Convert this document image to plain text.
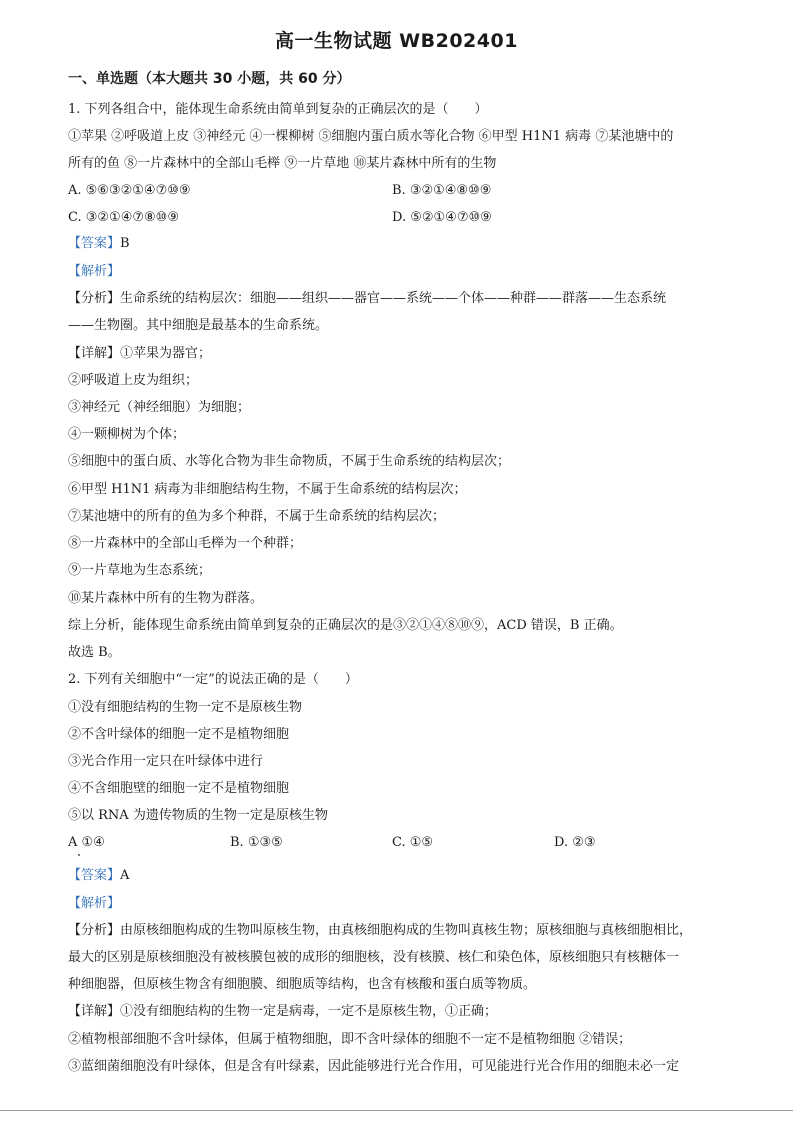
高一生物试题 WB202401
一、单选题（本大题共 30 小题，共 60 分）
1. 下列各组合中，能体现生命系统由简单到复杂的正确层次的是（　　）
①苹果 ②呼吸道上皮 ③神经元 ④一棵柳树 ⑤细胞内蛋白质水等化合物 ⑥甲型 H1N1 病毒 ⑦某池塘中的
所有的鱼 ⑧一片森林中的全部山毛榉 ⑨一片草地 ⑩某片森林中所有的生物
A. ⑤⑥③②①④⑦⑩⑨	B. ③②①④⑧⑩⑨
C. ③②①④⑦⑧⑩⑨	D. ⑤②①④⑦⑩⑨
【答案】B
【解析】
【分析】生命系统的结构层次：细胞——组织——器官——系统——个体——种群——群落——生态系统
——生物圈。其中细胞是最基本的生命系统。
【详解】①苹果为器官；
②呼吸道上皮为组织；
③神经元（神经细胞）为细胞；
④一颗柳树为个体；
⑤细胞中的蛋白质、水等化合物为非生命物质，不属于生命系统的结构层次；
⑥甲型 H1N1 病毒为非细胞结构生物，不属于生命系统的结构层次；
⑦某池塘中的所有的鱼为多个种群，不属于生命系统的结构层次；
⑧一片森林中的全部山毛榉为一个种群；
⑨一片草地为生态系统；
⑩某片森林中所有的生物为群落。
综上分析，能体现生命系统由简单到复杂的正确层次的是③②①④⑧⑩⑨，ACD 错误，B 正确。
故选 B。
2. 下列有关细胞中“一定”的说法正确的是（　　）
①没有细胞结构的生物一定不是原核生物
②不含叶绿体的细胞一定不是植物细胞
③光合作用一定只在叶绿体中进行
④不含细胞壁的细胞一定不是植物细胞
⑤以 RNA 为遗传物质的生物一定是原核生物
A ①④	B. ①③⑤	C. ①⑤	D. ②③
【答案】A
【解析】
【分析】由原核细胞构成的生物叫原核生物，由真核细胞构成的生物叫真核生物；原核细胞与真核细胞相比，
最大的区别是原核细胞没有被核膜包被的成形的细胞核，没有核膜、核仁和染色体，原核细胞只有核糖体一
种细胞器，但原核生物含有细胞膜、细胞质等结构，也含有核酸和蛋白质等物质。
【详解】①没有细胞结构的生物一定是病毒，一定不是原核生物，①正确；
②植物根部细胞不含叶绿体，但属于植物细胞，即不含叶绿体的细胞不一定不是植物细胞 ②错误；
③蓝细菌细胞没有叶绿体，但是含有叶绿素，因此能够进行光合作用，可见能进行光合作用的细胞未必一定
